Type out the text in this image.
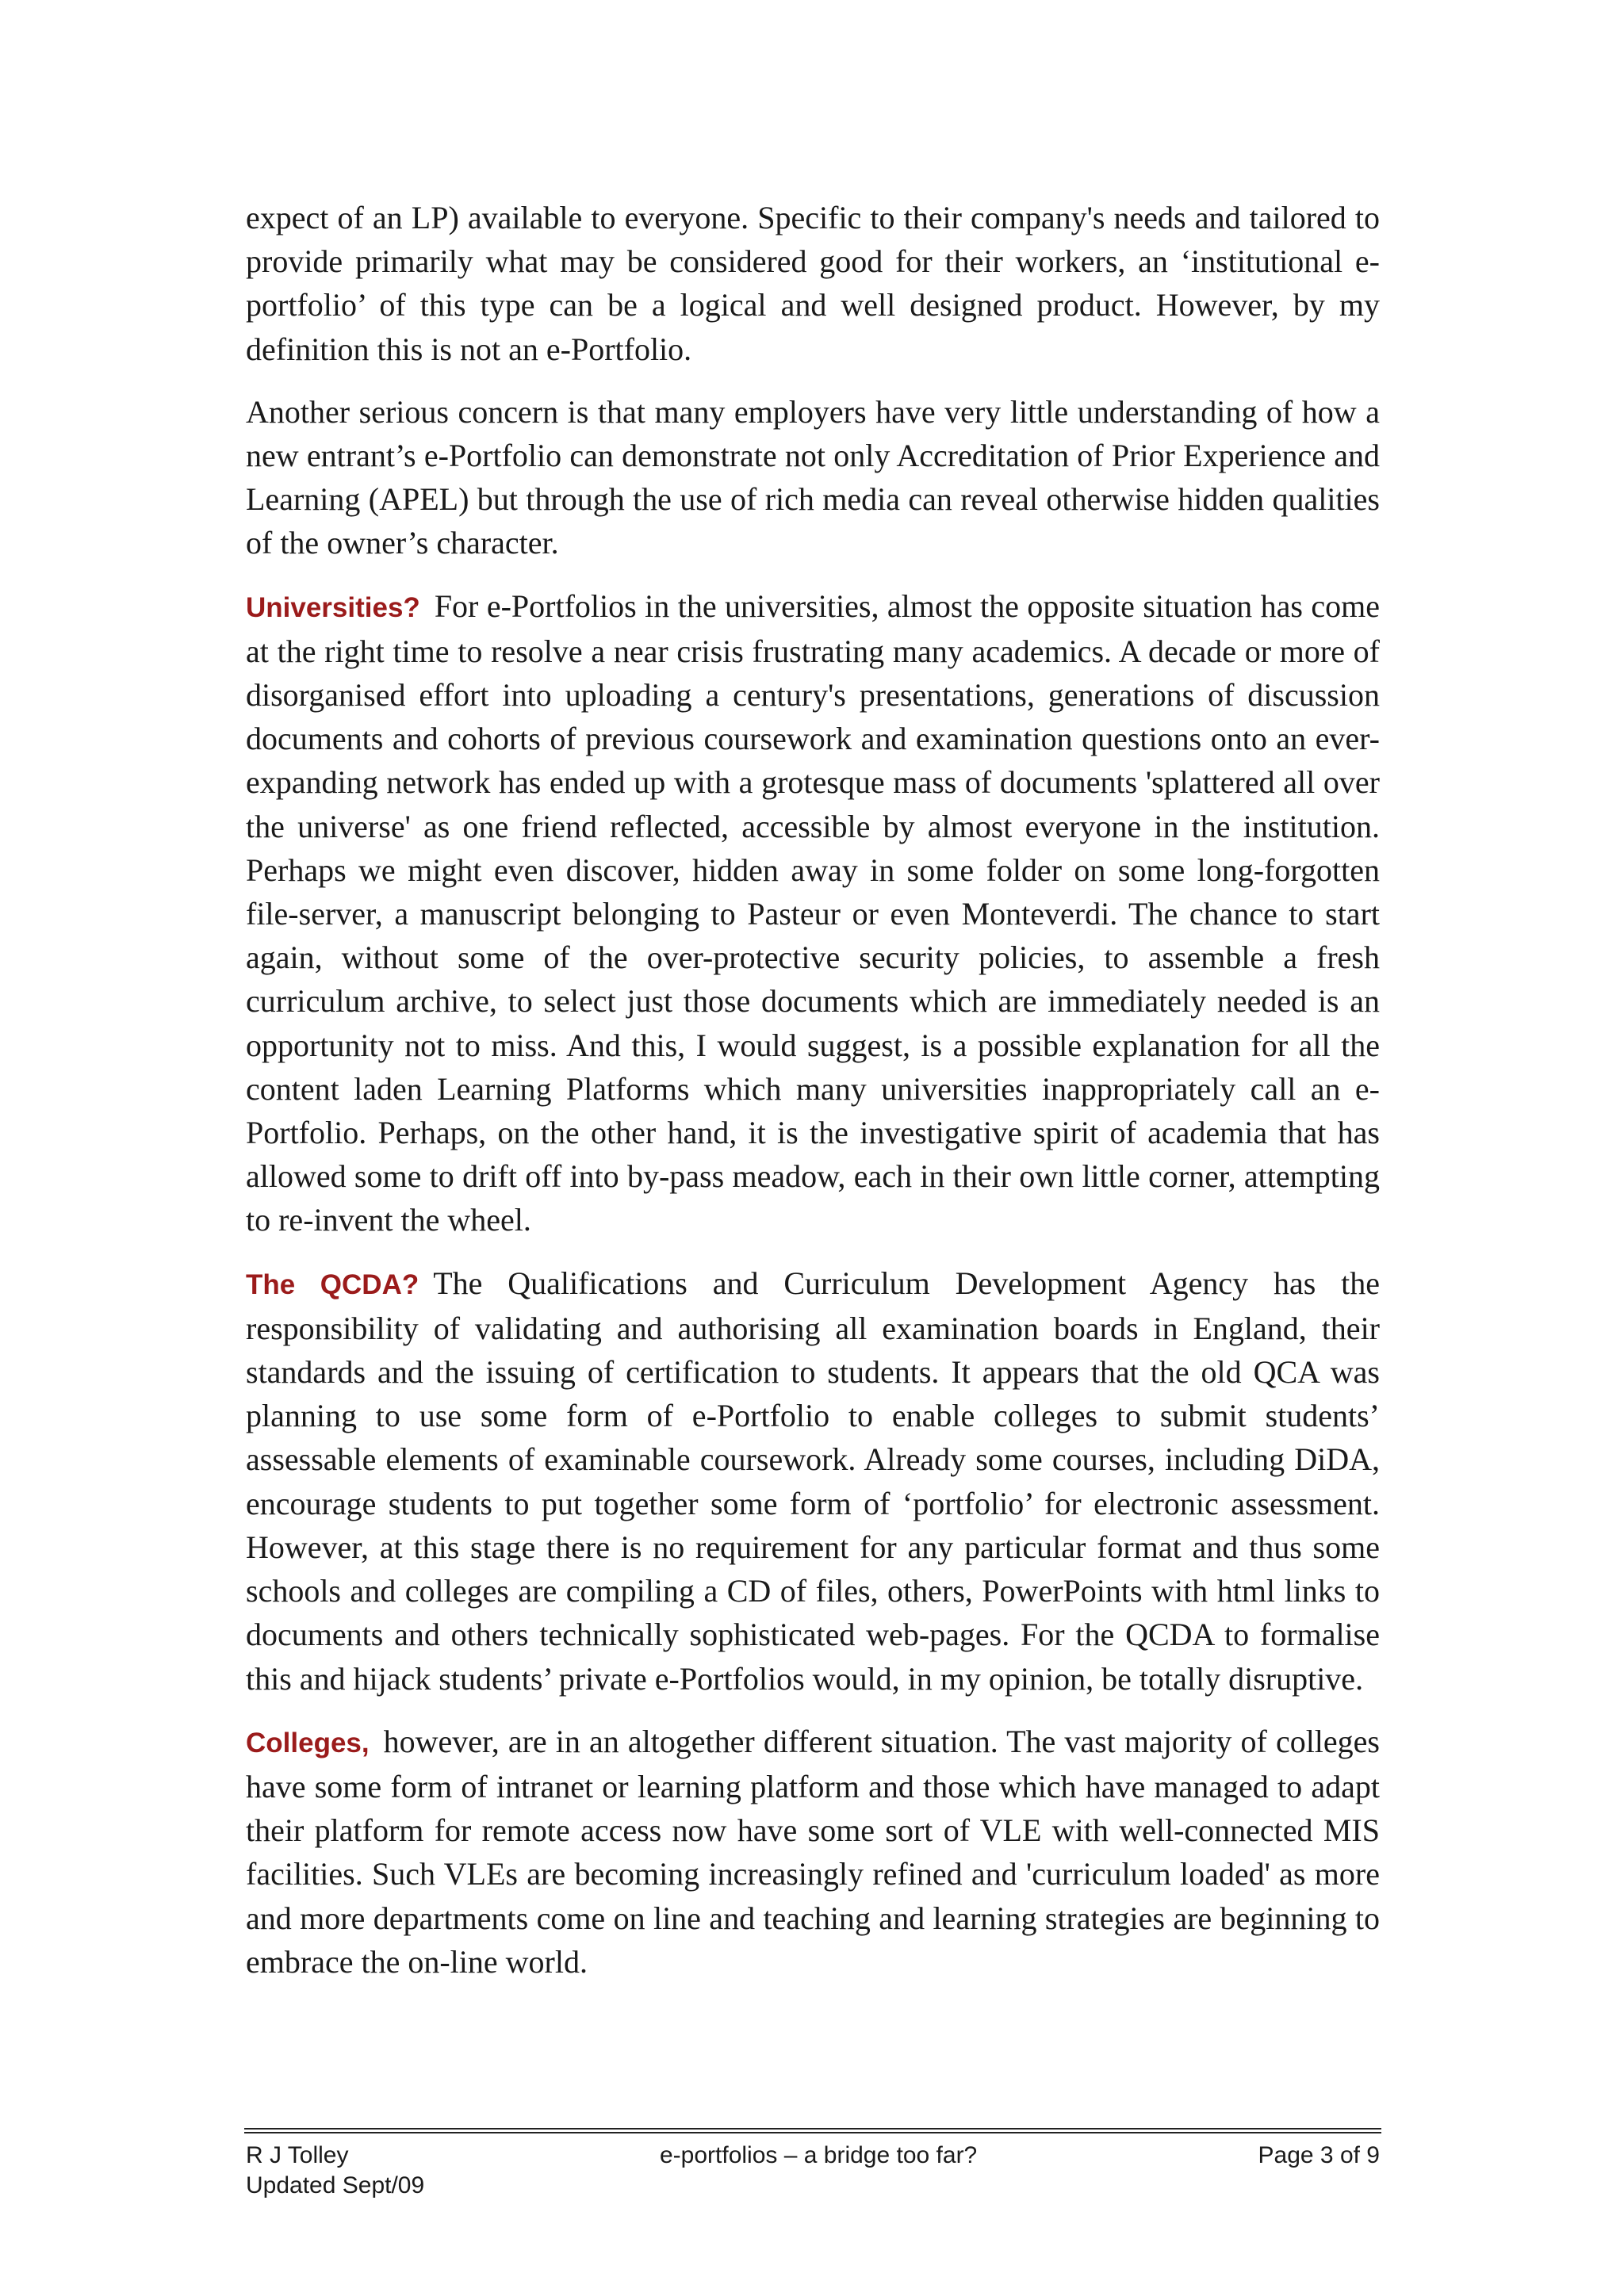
expect of an LP) available to everyone. Specific to their company's needs and tailored to provide primarily what may be considered good for their workers, an ‘institutional e-portfolio’ of this type can be a logical and well designed product. However, by my definition this is not an e-Portfolio.

Another serious concern is that many employers have very little understanding of how a new entrant’s e-Portfolio can demonstrate not only Accreditation of Prior Experience and Learning (APEL) but through the use of rich media can reveal otherwise hidden qualities of the owner’s character.

Universities? For e-Portfolios in the universities, almost the opposite situation has come at the right time to resolve a near crisis frustrating many academics. A decade or more of disorganised effort into uploading a century's presentations, generations of discussion documents and cohorts of previous coursework and examination questions onto an ever-expanding network has ended up with a grotesque mass of documents 'splattered all over the universe' as one friend reflected, accessible by almost everyone in the institution. Perhaps we might even discover, hidden away in some folder on some long-forgotten file-server, a manuscript belonging to Pasteur or even Monteverdi. The chance to start again, without some of the over-protective security policies, to assemble a fresh curriculum archive, to select just those documents which are immediately needed is an opportunity not to miss. And this, I would suggest, is a possible explanation for all the content laden Learning Platforms which many universities inappropriately call an e-Portfolio. Perhaps, on the other hand, it is the investigative spirit of academia that has allowed some to drift off into by-pass meadow, each in their own little corner, attempting to re-invent the wheel.

The QCDA? The Qualifications and Curriculum Development Agency has the responsibility of validating and authorising all examination boards in England, their standards and the issuing of certification to students. It appears that the old QCA was planning to use some form of e-Portfolio to enable colleges to submit students’ assessable elements of examinable coursework. Already some courses, including DiDA, encourage students to put together some form of ‘portfolio’ for electronic assessment. However, at this stage there is no requirement for any particular format and thus some schools and colleges are compiling a CD of files, others, PowerPoints with html links to documents and others technically sophisticated web-pages. For the QCDA to formalise this and hijack students’ private e-Portfolios would, in my opinion, be totally disruptive.

Colleges, however, are in an altogether different situation. The vast majority of colleges have some form of intranet or learning platform and those which have managed to adapt their platform for remote access now have some sort of VLE with well-connected MIS facilities. Such VLEs are becoming increasingly refined and 'curriculum loaded' as more and more departments come on line and teaching and learning strategies are beginning to embrace the on-line world.

R J Tolley	e-portfolios – a bridge too far?	Page 3 of 9
Updated Sept/09
